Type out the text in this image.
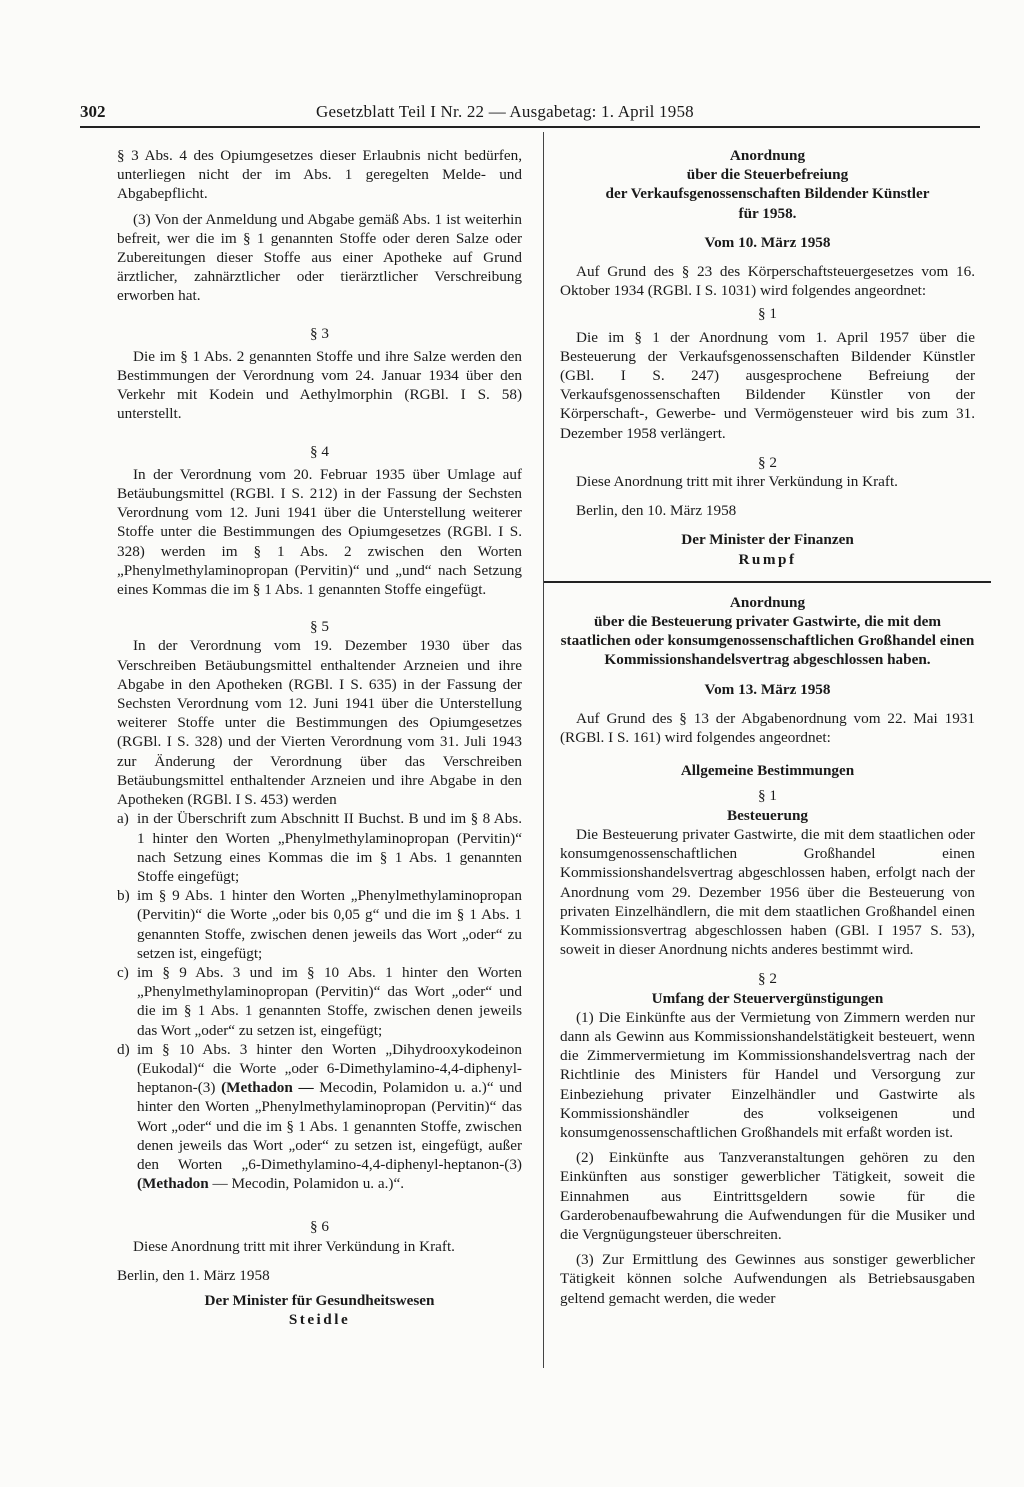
302	Gesetzblatt Teil I Nr. 22 — Ausgabetag: 1. April 1958

§ 3 Abs. 4 des Opiumgesetzes dieser Erlaubnis nicht bedürfen, unterliegen nicht der im Abs. 1 geregelten Melde- und Abgabepflicht.

(3) Von der Anmeldung und Abgabe gemäß Abs. 1 ist weiterhin befreit, wer die im § 1 genannten Stoffe oder deren Salze oder Zubereitungen dieser Stoffe aus einer Apotheke auf Grund ärztlicher, zahnärztlicher oder tierärztlicher Verschreibung erworben hat.

§ 3

Die im § 1 Abs. 2 genannten Stoffe und ihre Salze werden den Bestimmungen der Verordnung vom 24. Januar 1934 über den Verkehr mit Kodein und Aethylmorphin (RGBl. I S. 58) unterstellt.

§ 4

In der Verordnung vom 20. Februar 1935 über Umlage auf Betäubungsmittel (RGBl. I S. 212) in der Fassung der Sechsten Verordnung vom 12. Juni 1941 über die Unterstellung weiterer Stoffe unter die Bestimmungen des Opiumgesetzes (RGBl. I S. 328) werden im § 1 Abs. 2 zwischen den Worten „Phenylmethylaminopropan (Pervitin)“ und „und“ nach Setzung eines Kommas die im § 1 Abs. 1 genannten Stoffe eingefügt.

§ 5

In der Verordnung vom 19. Dezember 1930 über das Verschreiben Betäubungsmittel enthaltender Arzneien und ihre Abgabe in den Apotheken (RGBl. I S. 635) in der Fassung der Sechsten Verordnung vom 12. Juni 1941 über die Unterstellung weiterer Stoffe unter die Bestimmungen des Opiumgesetzes (RGBl. I S. 328) und der Vierten Verordnung vom 31. Juli 1943 zur Änderung der Verordnung über das Verschreiben Betäubungsmittel enthaltender Arzneien und ihre Abgabe in den Apotheken (RGBl. I S. 453) werden

a) in der Überschrift zum Abschnitt II Buchst. B und im § 8 Abs. 1 hinter den Worten „Phenylmethylaminopropan (Pervitin)“ nach Setzung eines Kommas die im § 1 Abs. 1 genannten Stoffe eingefügt;
b) im § 9 Abs. 1 hinter den Worten „Phenylmethylaminopropan (Pervitin)“ die Worte „oder bis 0,05 g“ und die im § 1 Abs. 1 genannten Stoffe, zwischen denen jeweils das Wort „oder“ zu setzen ist, eingefügt;
c) im § 9 Abs. 3 und im § 10 Abs. 1 hinter den Worten „Phenylmethylaminopropan (Pervitin)“ das Wort „oder“ und die im § 1 Abs. 1 genannten Stoffe, zwischen denen jeweils das Wort „oder“ zu setzen ist, eingefügt;
d) im § 10 Abs. 3 hinter den Worten „Dihydrooxykodeinon (Eukodal)“ die Worte „oder 6-Dimethylamino-4,4-diphenyl-heptanon-(3) (Methadon — Mecodin, Polamidon u. a.)“ und hinter den Worten „Phenylmethylaminopropan (Pervitin)“ das Wort „oder“ und die im § 1 Abs. 1 genannten Stoffe, zwischen denen jeweils das Wort „oder“ zu setzen ist, eingefügt, außer den Worten „6-Dimethylamino-4,4-diphenyl-heptanon-(3) (Methadon — Mecodin, Polamidon u. a.)“.
§ 6

Diese Anordnung tritt mit ihrer Verkündung in Kraft.

Berlin, den 1. März 1958

Der Minister für Gesundheitswesen
Steidle
Anordnung
über die Steuerbefreiung
der Verkaufsgenossenschaften Bildender Künstler
für 1958.
Vom 10. März 1958

Auf Grund des § 23 des Körperschaftsteuergesetzes vom 16. Oktober 1934 (RGBl. I S. 1031) wird folgendes angeordnet:

§ 1

Die im § 1 der Anordnung vom 1. April 1957 über die Besteuerung der Verkaufsgenossenschaften Bildender Künstler (GBl. I S. 247) ausgesprochene Befreiung der Verkaufsgenossenschaften Bildender Künstler von der Körperschaft-, Gewerbe- und Vermögensteuer wird bis zum 31. Dezember 1958 verlängert.

§ 2

Diese Anordnung tritt mit ihrer Verkündung in Kraft.

Berlin, den 10. März 1958

Der Minister der Finanzen
Rumpf
Anordnung
über die Besteuerung privater Gastwirte, die mit dem staatlichen oder konsumgenossenschaftlichen Großhandel einen Kommissionshandelsvertrag abgeschlossen haben.
Vom 13. März 1958

Auf Grund des § 13 der Abgabenordnung vom 22. Mai 1931 (RGBl. I S. 161) wird folgendes angeordnet:

Allgemeine Bestimmungen
§ 1
Besteuerung

Die Besteuerung privater Gastwirte, die mit dem staatlichen oder konsumgenossenschaftlichen Großhandel einen Kommissionshandelsvertrag abgeschlossen haben, erfolgt nach der Anordnung vom 29. Dezember 1956 über die Besteuerung von privaten Einzelhändlern, die mit dem staatlichen Großhandel einen Kommissionsvertrag abgeschlossen haben (GBl. I 1957 S. 53), soweit in dieser Anordnung nichts anderes bestimmt wird.

§ 2
Umfang der Steuervergünstigungen

(1) Die Einkünfte aus der Vermietung von Zimmern werden nur dann als Gewinn aus Kommissionshandelstätigkeit besteuert, wenn die Zimmervermietung im Kommissionshandelsvertrag nach der Richtlinie des Ministers für Handel und Versorgung zur Einbeziehung privater Einzelhändler und Gastwirte als Kommissionshändler des volkseigenen und konsumgenossenschaftlichen Großhandels mit erfaßt worden ist.

(2) Einkünfte aus Tanzveranstaltungen gehören zu den Einkünften aus sonstiger gewerblicher Tätigkeit, soweit die Einnahmen aus Eintrittsgeldern sowie für die Garderobenaufbewahrung die Aufwendungen für die Musiker und die Vergnügungsteuer überschreiten.

(3) Zur Ermittlung des Gewinnes aus sonstiger gewerblicher Tätigkeit können solche Aufwendungen als Betriebsausgaben geltend gemacht werden, die weder
